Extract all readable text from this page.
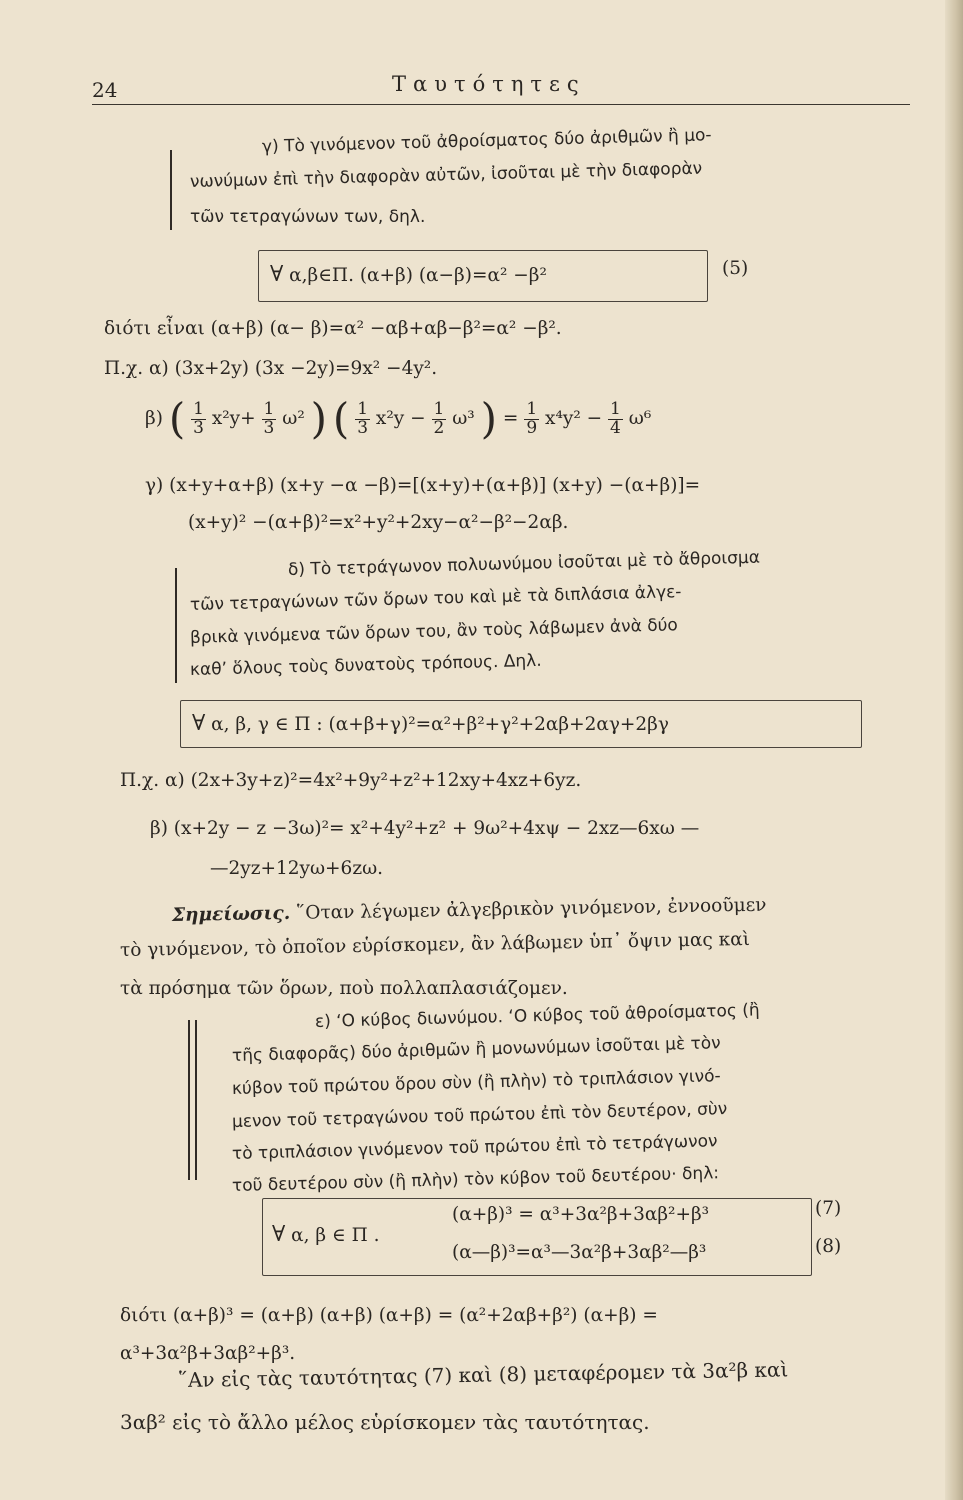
24	Ταυτότητες
γ) Τὸ γινόμενον τοῦ ἀθροίσματος δύο ἀριθμῶν ἢ μο-
νωνύμων ἐπὶ τὴν διαφορὰν αὐτῶν, ἰσοῦται μὲ τὴν διαφορὰν
τῶν τετραγώνων των, δηλ.
∀ α,β∈Π. (α+β) (α−β)=α² −β²	(5)
διότι εἶναι (α+β) (α− β)=α² −αβ+αβ−β²=α² −β².
Π.χ. α) (3x+2y) (3x −2y)=9x² −4y².
β) ( $\frac{1}{3} x^2y+ \frac{1}{3} \omega^2$ ) ( $\frac{1}{3} x^2y - \frac{1}{2} \omega^3$ ) = $\frac{1}{9} x^4y^2 - \frac{1}{4} \omega^6$
γ) (x+y+α+β) (x+y −α −β)=[(x+y)+(α+β)] (x+y) −(α+β)]=
(x+y)² −(α+β)²=x²+y²+2xy−α²−β²−2αβ.
δ) Τὸ τετράγωνον πολυωνύμου ἰσοῦται μὲ τὸ ἄθροισμα
τῶν τετραγώνων τῶν ὅρων του καὶ μὲ τὰ διπλάσια ἀλγε-
βρικὰ γινόμενα τῶν ὅρων του, ἂν τοὺς λάβωμεν ἀνὰ δύο
καθ’ ὅλους τοὺς δυνατοὺς τρόπους. Δηλ.
∀ α, β, γ ∈ Π : (α+β+γ)²=α²+β²+γ²+2αβ+2αγ+2βγ
Π.χ. α) (2x+3y+z)²=4x²+9y²+z²+12xy+4xz+6yz.
β) (x+2y − z −3ω)²= x²+4y²+z² + 9ω²+4xψ − 2xz—6xω —
—2yz+12yω+6zω.
Σημείωσις. ῞Οταν λέγωμεν ἀλγεβρικὸν γινόμενον, ἐννοοῦμεν
τὸ γινόμενον, τὸ ὁποῖον εὑρίσκομεν, ἂν λάβωμεν ὑπ᾽ ὄψιν μας καὶ
τὰ πρόσημα τῶν ὅρων, ποὺ πολλαπλασιάζομεν.
ε) ‘Ο κύβος διωνύμου. ‘Ο κύβος τοῦ ἀθροίσματος (ἢ
τῆς διαφορᾶς) δύο ἀριθμῶν ἢ μονωνύμων ἰσοῦται μὲ τὸν
κύβον τοῦ πρώτου ὅρου σὺν (ἢ πλὴν) τὸ τριπλάσιον γινό-
μενον τοῦ τετραγώνου τοῦ πρώτου ἐπὶ τὸν δευτέρον, σὺν
τὸ τριπλάσιον γινόμενον τοῦ πρώτου ἐπὶ τὸ τετράγωνον
τοῦ δευτέρου σὺν (ἢ πλὴν) τὸν κύβον τοῦ δευτέρου· δηλ:
∀ α, β ∈ Π .
(α+β)³ = α³+3α²β+3αβ²+β³	(7)
(α—β)³=α³—3α²β+3αβ²—β³	(8)
διότι (α+β)³ = (α+β) (α+β) (α+β) = (α²+2αβ+β²) (α+β) =
α³+3α²β+3αβ²+β³.
῞Αν εἰς τὰς ταυτότητας (7) καὶ (8) μεταφέρομεν τὰ 3α²β καὶ
3αβ² εἰς τὸ ἄλλο μέλος εὑρίσκομεν τὰς ταυτότητας.
